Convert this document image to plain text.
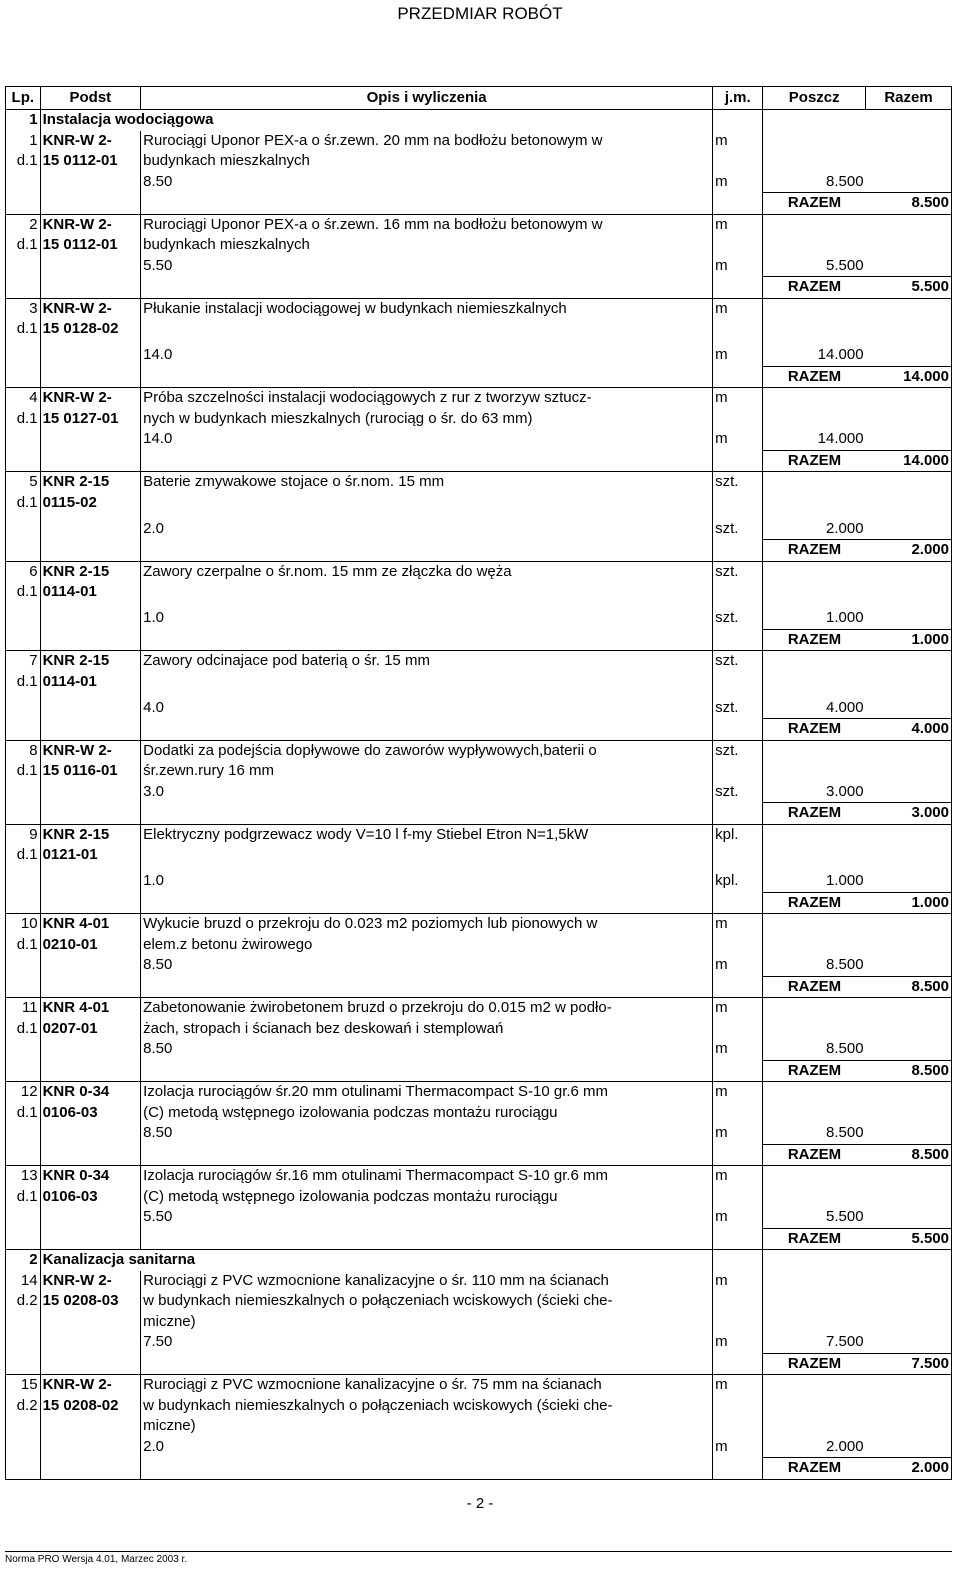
PRZEDMIAR ROBÓT
Lp.	Podst	Opis i wyliczenia	j.m.	Poszcz	Razem
1	Instalacja wodociągowa				
1	KNR-W 2-	Rurociągi Uponor PEX-a o śr.zewn. 20 mm na bodłożu betonowym w	m		
d.1	15 0112-01	budynkach mieszkalnych			
		8.50	m	8.500	
				RAZEM	8.500
2	KNR-W 2-	Rurociągi Uponor PEX-a o śr.zewn. 16 mm na bodłożu betonowym w	m		
d.1	15 0112-01	budynkach mieszkalnych			
		5.50	m	5.500	
				RAZEM	5.500
3	KNR-W 2-	Płukanie instalacji wodociągowej w budynkach niemieszkalnych	m		
d.1	15 0128-02				
		14.0	m	14.000	
				RAZEM	14.000
4	KNR-W 2-	Próba szczelności instalacji wodociągowych z rur z tworzyw sztucz-	m		
d.1	15 0127-01	nych w budynkach mieszkalnych (rurociąg o śr. do 63 mm)			
		14.0	m	14.000	
				RAZEM	14.000
5	KNR 2-15	Baterie zmywakowe stojace o śr.nom. 15 mm	szt.		
d.1	0115-02				
		2.0	szt.	2.000	
				RAZEM	2.000
6	KNR 2-15	Zawory czerpalne o śr.nom. 15 mm ze złączka do węża	szt.		
d.1	0114-01				
		1.0	szt.	1.000	
				RAZEM	1.000
7	KNR 2-15	Zawory odcinajace pod baterią o śr. 15 mm	szt.		
d.1	0114-01				
		4.0	szt.	4.000	
				RAZEM	4.000
8	KNR-W 2-	Dodatki za podejścia dopływowe do zaworów wypływowych,baterii o	szt.		
d.1	15 0116-01	śr.zewn.rury 16 mm			
		3.0	szt.	3.000	
				RAZEM	3.000
9	KNR 2-15	Elektryczny podgrzewacz wody V=10 l f-my Stiebel Etron N=1,5kW	kpl.		
d.1	0121-01				
		1.0	kpl.	1.000	
				RAZEM	1.000
10	KNR 4-01	Wykucie bruzd o przekroju do 0.023 m2 poziomych lub pionowych w	m		
d.1	0210-01	elem.z betonu żwirowego			
		8.50	m	8.500	
				RAZEM	8.500
11	KNR 4-01	Zabetonowanie żwirobetonem bruzd o przekroju do 0.015 m2 w podło-	m		
d.1	0207-01	żach, stropach i ścianach bez deskowań i stemplowań			
		8.50	m	8.500	
				RAZEM	8.500
12	KNR 0-34	Izolacja rurociągów śr.20 mm otulinami Thermacompact S-10 gr.6 mm	m		
d.1	0106-03	(C) metodą wstępnego izolowania podczas montażu rurociągu			
		8.50	m	8.500	
				RAZEM	8.500
13	KNR 0-34	Izolacja rurociągów śr.16 mm otulinami Thermacompact S-10 gr.6 mm	m		
d.1	0106-03	(C) metodą wstępnego izolowania podczas montażu rurociągu			
		5.50	m	5.500	
				RAZEM	5.500
2	Kanalizacja sanitarna				
14	KNR-W 2-	Rurociągi z PVC wzmocnione kanalizacyjne o śr. 110 mm na ścianach	m		
d.2	15 0208-03	w budynkach niemieszkalnych o połączeniach wciskowych (ścieki che-			
		miczne)			
		7.50	m	7.500	
				RAZEM	7.500
15	KNR-W 2-	Rurociągi z PVC wzmocnione kanalizacyjne o śr. 75 mm na ścianach	m		
d.2	15 0208-02	w budynkach niemieszkalnych o połączeniach wciskowych (ścieki che-			
		miczne)			
		2.0	m	2.000	
				RAZEM	2.000
- 2 -
Norma PRO Wersja 4.01, Marzec 2003 r.
